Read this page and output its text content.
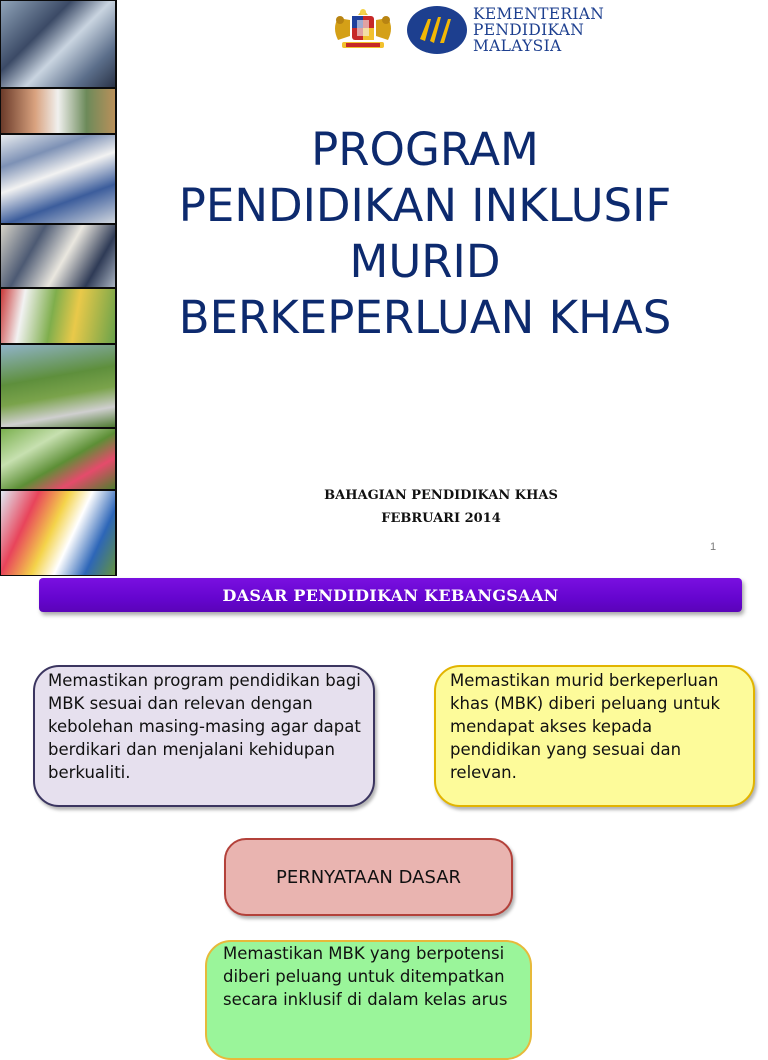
KEMENTERIAN
PENDIDIKAN
MALAYSIA
PROGRAM
PENDIDIKAN INKLUSIF
MURID
BERKEPERLUAN KHAS
BAHAGIAN PENDIDIKAN KHAS
FEBRUARI 2014
1
DASAR PENDIDIKAN KEBANGSAAN

Memastikan program pendidikan bagi MBK sesuai dan relevan dengan kebolehan masing-masing agar dapat berdikari dan menjalani kehidupan berkualiti.

Memastikan murid berkeperluan khas (MBK) diberi peluang untuk mendapat akses kepada pendidikan yang sesuai dan relevan.

PERNYATAAN DASAR

Memastikan MBK yang berpotensi diberi peluang untuk ditempatkan secara inklusif di dalam kelas arus
